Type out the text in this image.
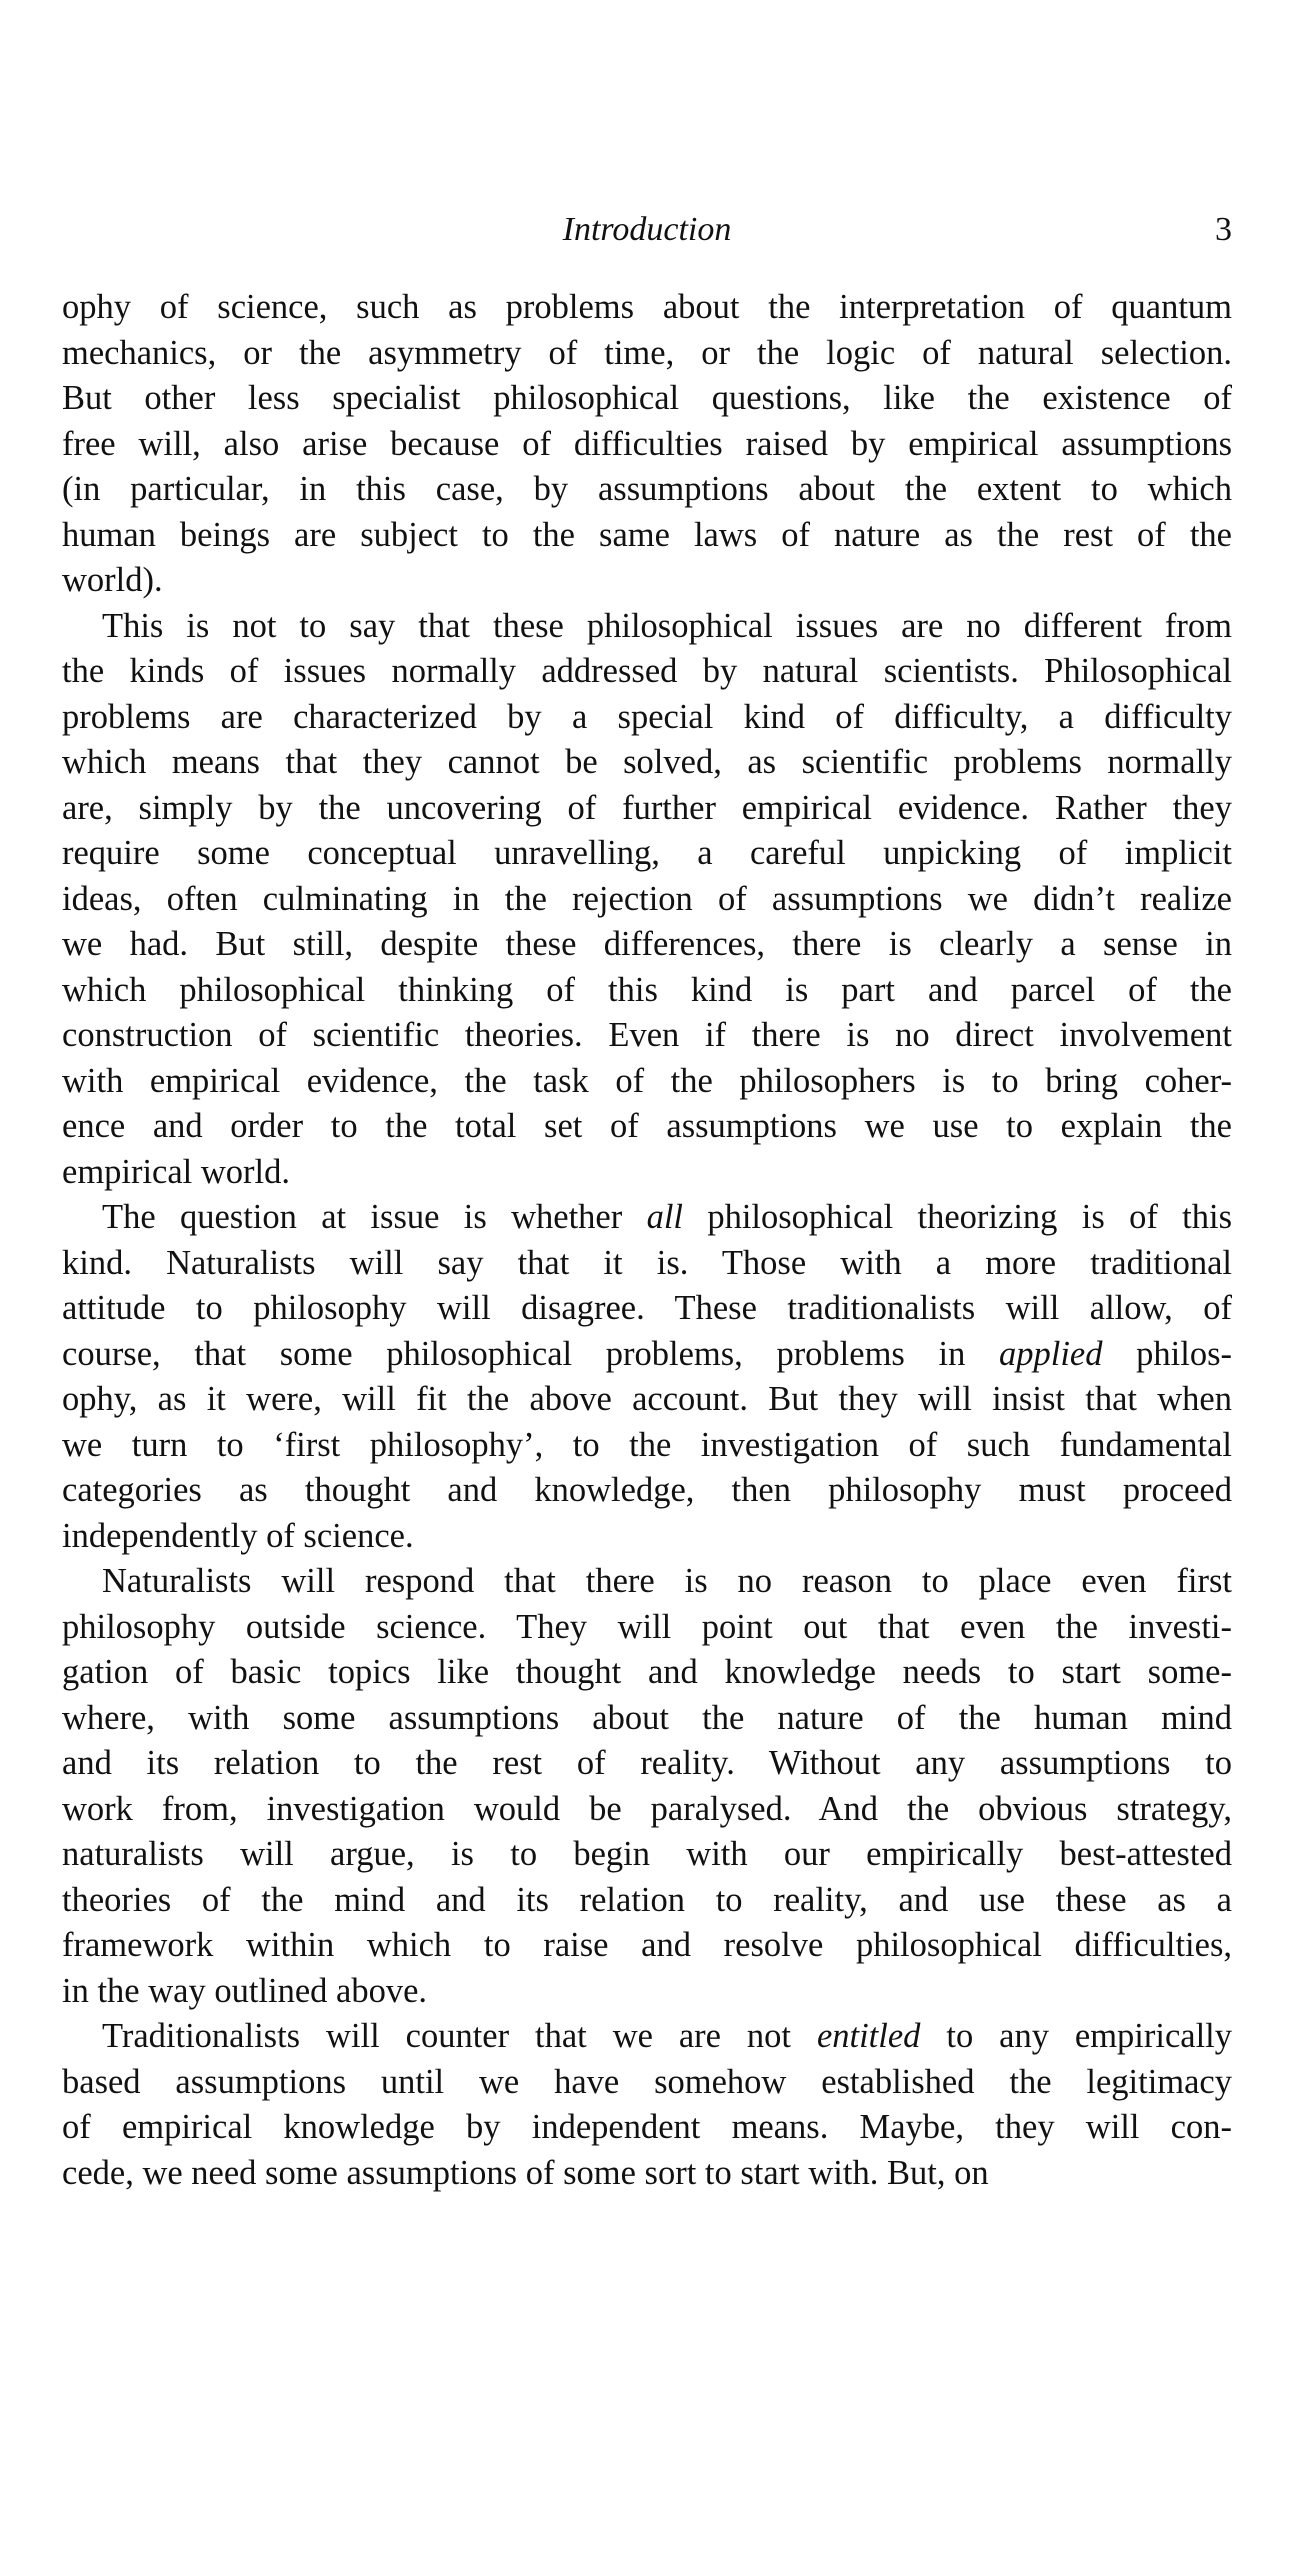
Introduction	3
ophy of science, such as problems about the interpretation of quantum
mechanics, or the asymmetry of time, or the logic of natural selection.
But other less specialist philosophical questions, like the existence of
free will, also arise because of difficulties raised by empirical assumptions
(in particular, in this case, by assumptions about the extent to which
human beings are subject to the same laws of nature as the rest of the
world).
This is not to say that these philosophical issues are no different from
the kinds of issues normally addressed by natural scientists. Philosophical
problems are characterized by a special kind of difficulty, a difficulty
which means that they cannot be solved, as scientific problems normally
are, simply by the uncovering of further empirical evidence. Rather they
require some conceptual unravelling, a careful unpicking of implicit
ideas, often culminating in the rejection of assumptions we didn’t realize
we had. But still, despite these differences, there is clearly a sense in
which philosophical thinking of this kind is part and parcel of the
construction of scientific theories. Even if there is no direct involvement
with empirical evidence, the task of the philosophers is to bring coher-
ence and order to the total set of assumptions we use to explain the
empirical world.
The question at issue is whether all philosophical theorizing is of this
kind. Naturalists will say that it is. Those with a more traditional
attitude to philosophy will disagree. These traditionalists will allow, of
course, that some philosophical problems, problems in applied philos-
ophy, as it were, will fit the above account. But they will insist that when
we turn to ‘first philosophy’, to the investigation of such fundamental
categories as thought and knowledge, then philosophy must proceed
independently of science.
Naturalists will respond that there is no reason to place even first
philosophy outside science. They will point out that even the investi-
gation of basic topics like thought and knowledge needs to start some-
where, with some assumptions about the nature of the human mind
and its relation to the rest of reality. Without any assumptions to
work from, investigation would be paralysed. And the obvious strategy,
naturalists will argue, is to begin with our empirically best-attested
theories of the mind and its relation to reality, and use these as a
framework within which to raise and resolve philosophical difficulties,
in the way outlined above.
Traditionalists will counter that we are not entitled to any empirically
based assumptions until we have somehow established the legitimacy
of empirical knowledge by independent means. Maybe, they will con-
cede, we need some assumptions of some sort to start with. But, on
